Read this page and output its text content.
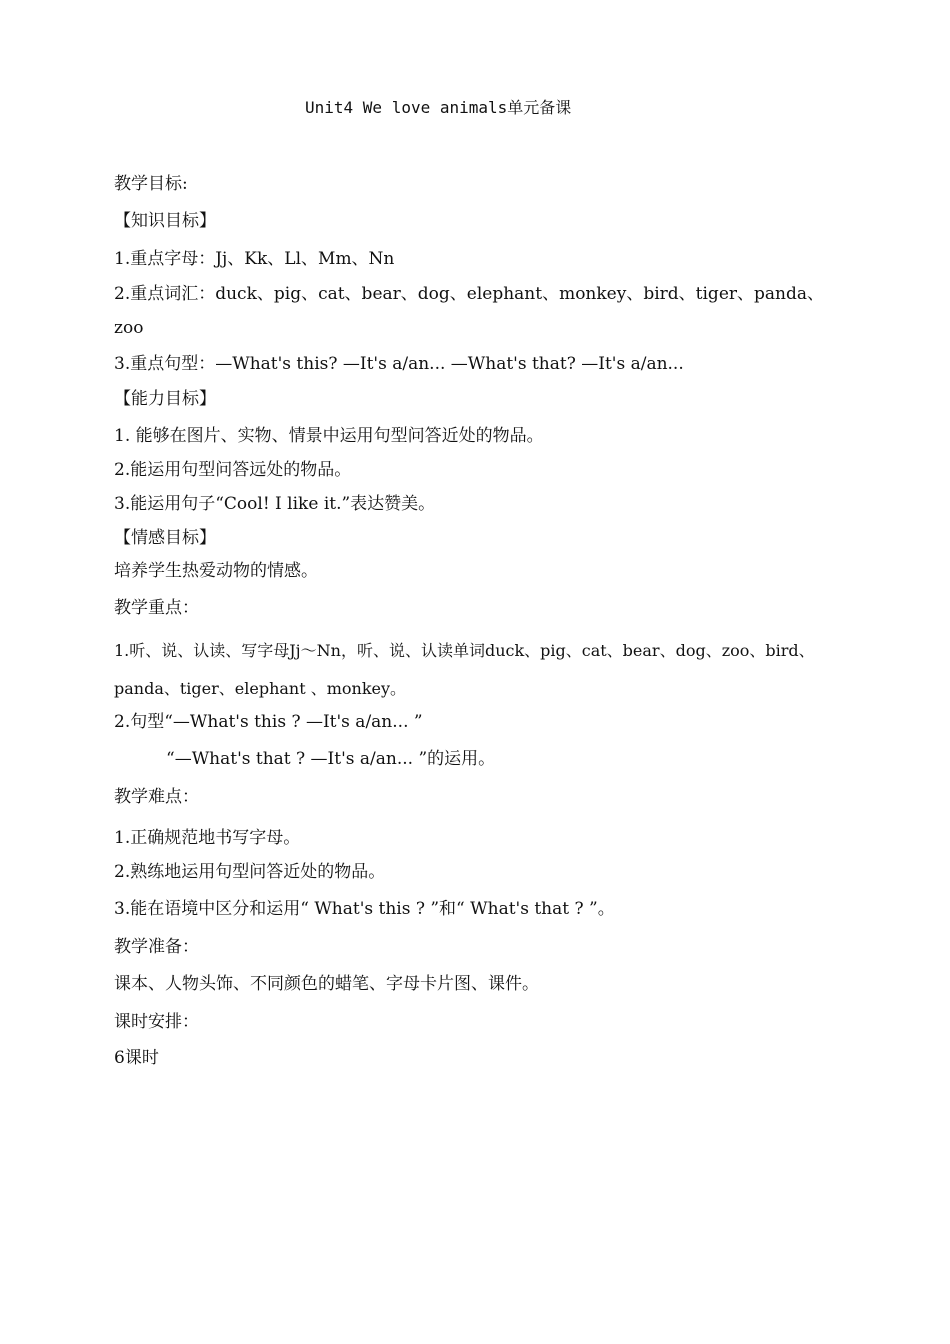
Unit4 We love animals单元备课
教学目标:
【知识目标】
1.重点字母：Jj、Kk、Ll、Mm、Nn
2.重点词汇：duck、pig、cat、bear、dog、elephant、monkey、bird、tiger、panda、
zoo
3.重点句型：—What's this? —It's a/an... —What's that? —It's a/an...
【能力目标】
1. 能够在图片、实物、情景中运用句型问答近处的物品。
2.能运用句型问答远处的物品。
3.能运用句子“Cool! I like it.”表达赞美。
【情感目标】
培养学生热爱动物的情感。
教学重点：
1.听、说、认读、写字母Jj～Nn，听、说、认读单词duck、pig、cat、bear、dog、zoo、bird、
panda、tiger、elephant 、monkey。
2.句型“—What's this ? —It's a/an... ”
“—What's that ? —It's a/an... ”的运用。
教学难点：
1.正确规范地书写字母。
2.熟练地运用句型问答近处的物品。
3.能在语境中区分和运用“ What's this ? ”和“ What's that ? ”。
教学准备：
课本、人物头饰、不同颜色的蜡笔、字母卡片图、课件。
课时安排：
6课时
